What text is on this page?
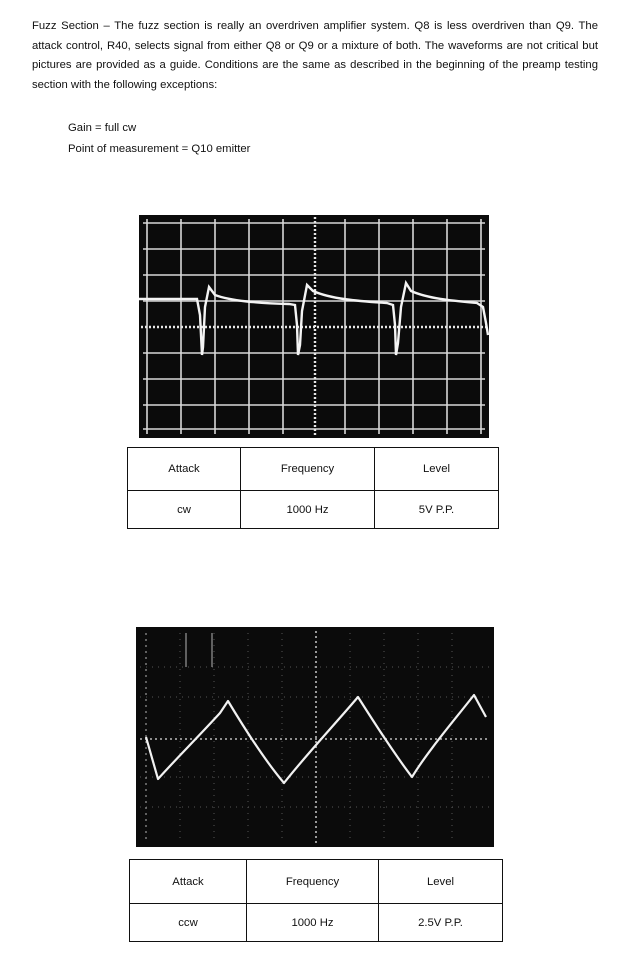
Fuzz Section – The fuzz section is really an overdriven amplifier system. Q8 is less overdriven than Q9. The attack control, R40, selects signal from either Q8 or Q9 or a mixture of both. The waveforms are not critical but pictures are provided as a guide. Conditions are the same as described in the beginning of the preamp testing section with the following exceptions:
Gain = full cw
Point of measurement = Q10 emitter
Attack	Frequency	Level
cw	1000 Hz	5V P.P.
Attack	Frequency	Level
ccw	1000 Hz	2.5V P.P.
